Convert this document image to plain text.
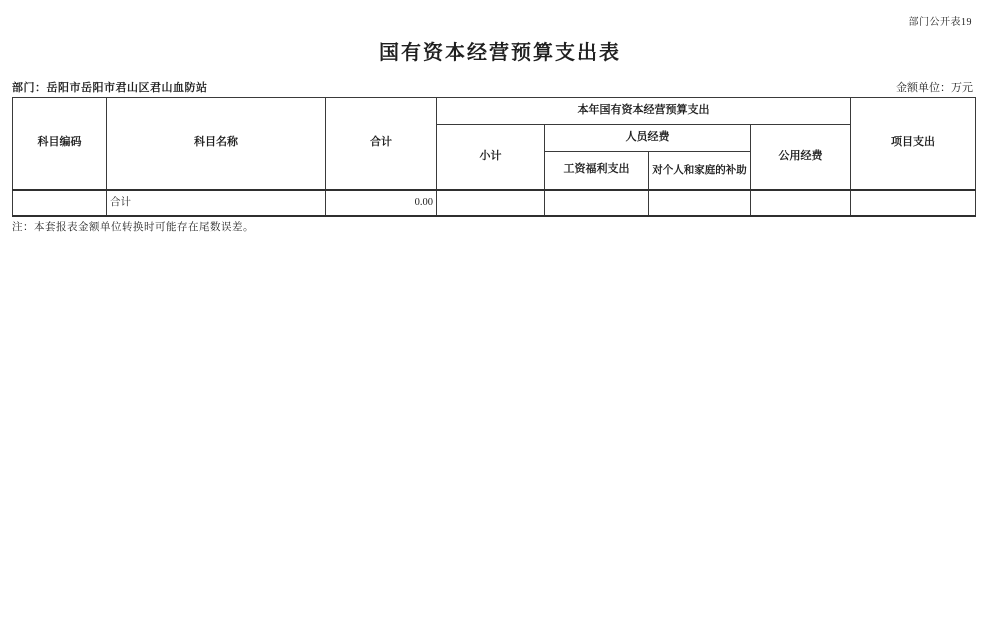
部门公开表19
国有资本经营预算支出表
部门：岳阳市岳阳市君山区君山血防站	金额单位：万元
科目编码	科目名称	合计	本年国有资本经营预算支出				项目支出
			小计	人员经费		公用经费	
				工资福利支出	对个人和家庭的补助		
	合计	0.00					
注：本套报表金额单位转换时可能存在尾数误差。
